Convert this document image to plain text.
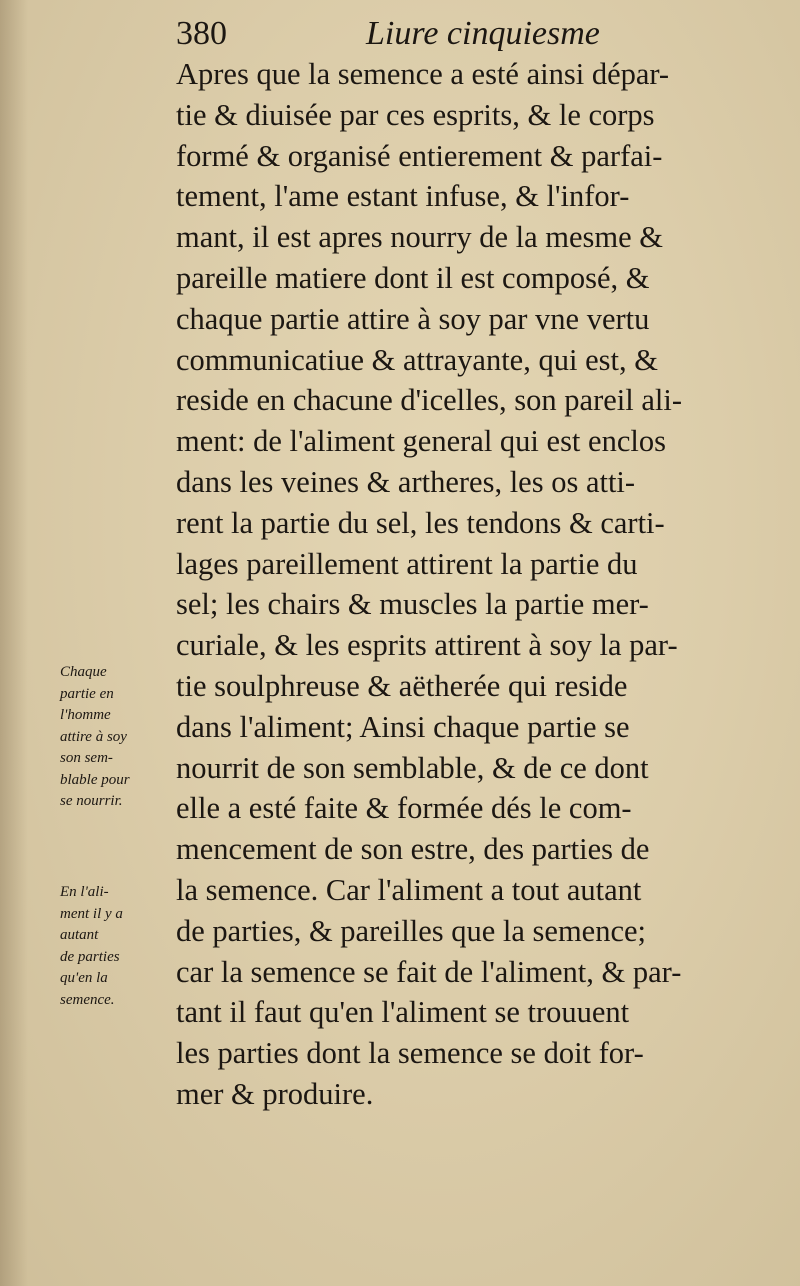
380	Liure cinquiesme
Apres que la semence a esté ainsi dépar-
tie & diuisée par ces esprits, & le corps
formé & organisé entierement & parfai-
tement, l'ame estant infuse, & l'infor-
mant, il est apres nourry de la mesme &
pareille matiere dont il est composé, &
chaque partie attire à soy par vne vertu
communicatiue & attrayante, qui est, &
reside en chacune d'icelles, son pareil ali-
ment: de l'aliment general qui est enclos
dans les veines & artheres, les os atti-
rent la partie du sel, les tendons & carti-
lages pareillement attirent la partie du
sel; les chairs & muscles la partie mer-
curiale, & les esprits attirent à soy la par-
tie soulphreuse & aëtherée qui reside
dans l'aliment; Ainsi chaque partie se
nourrit de son semblable, & de ce dont
elle a esté faite & formée dés le com-
mencement de son estre, des parties de
la semence. Car l'aliment a tout autant
de parties, & pareilles que la semence;
car la semence se fait de l'aliment, & par-
tant il faut qu'en l'aliment se trouuent
les parties dont la semence se doit for-
mer & produire.
Chaque
partie en
l'homme
attire à soy
son sem-
blable pour
se nourrir.
En l'ali-
ment il y a
autant
de parties
qu'en la
semence.
